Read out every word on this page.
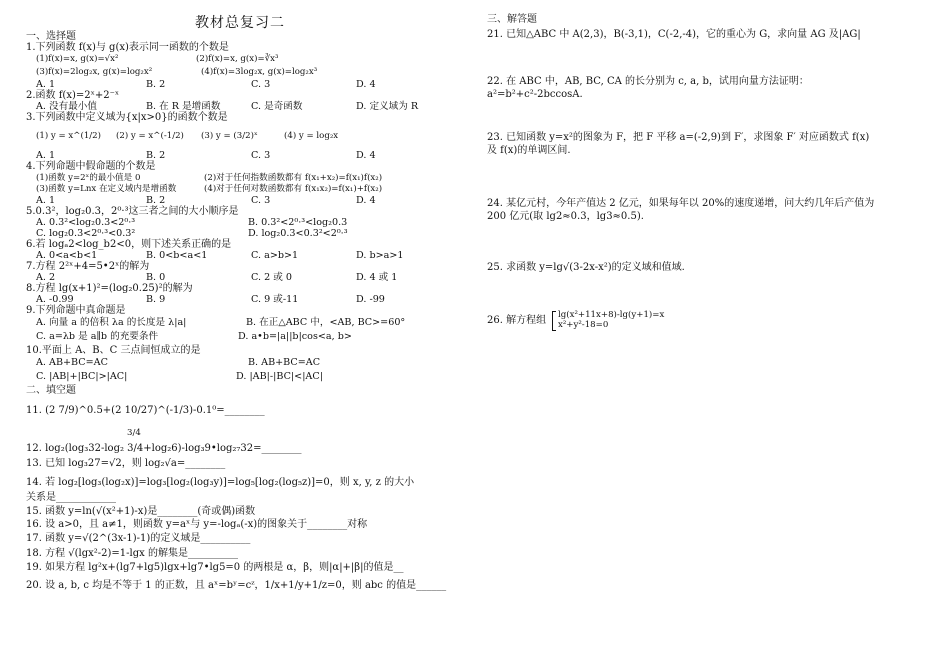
教材总复习二
一、选择题
1.下列函数 f(x)与 g(x)表示同一函数的个数是
(1)f(x)=x, g(x)=√x²	(2)f(x)=x, g(x)=∛x³
(3)f(x)=2log₂x, g(x)=log₂x²	(4)f(x)=3log₂x, g(x)=log₂x³
A. 1	B. 2	C. 3	D. 4
2.函数 f(x)=2ˣ+2⁻ˣ
A. 没有最小值	B. 在 R 是增函数	C. 是奇函数	D. 定义域为 R
3.下列函数中定义域为{x|x>0}的函数个数是
(1) y = x^(1/2) (2) y = x^(-1/2) (3) y = (3/2)ˣ	(4) y = log₂x
A. 1	B. 2	C. 3	D. 4
4.下列命题中假命题的个数是
(1)函数 y=2ˣ的最小值是 0	(2)对于任何指数函数都有 f(x₁+x₂)=f(x₁)f(x₂)
(3)函数 y=Lnx 在定义域内是增函数	(4)对于任何对数函数都有 f(x₁x₂)=f(x₁)+f(x₂)
A. 1	B. 2	C. 3	D. 4
5.0.3²，log₂0.3，2⁰·³这三者之间的大小顺序是
A. 0.3²<log₂0.3<2⁰·³	B. 0.3²<2⁰·³<log₂0.3
C. log₂0.3<2⁰·³<0.3²	D. log₂0.3<0.3²<2⁰·³
6.若 logₐ2<log_b2<0，则下述关系正确的是
A. 0<a<b<1	B. 0<b<a<1	C. a>b>1	D. b>a>1
7.方程 2²ˣ+4=5•2ˣ的解为
A. 2	B. 0	C. 2 或 0	D. 4 或 1
8.方程 lg(x+1)²=(log₂0.25)²的解为
A. -0.99	B. 9	C. 9 或-11	D. -99
9.下列命题中真命题是
A. 向量 a 的倍积 λa 的长度是 λ|a|	B. 在正△ABC 中，<AB, BC>=60°
C. a=λb 是 a∥b 的充要条件	D. a•b=|a||b|cos<a, b>
10.平面上 A、B、C 三点间恒成立的是
A. AB+BC=AC	B. AB+BC=AC
C. |AB|+|BC|>|AC|	D. |AB|-|BC|<|AC|
二、填空题
11. (2 7/9)^0.5+(2 10/27)^(-1/3)-0.1⁰=________
3/4
12. log₂(log₃32-log₂ 3/4+log₂6)-log₃9•log₂₇32=________
13. 已知 log₃27=√2，则 log₂√a=________
14. 若 log₂[log₃(log₂x)]=log₃[log₂(log₃y)]=log₅[log₂(log₅z)]=0，则 x, y, z 的大小
关系是____________
15. 函数 y=ln(√(x²+1)-x)是________(奇或偶)函数
16. 设 a>0，且 a≠1，则函数 y=aˣ与 y=-logₐ(-x)的图象关于________对称
17. 函数 y=√(2^(3x-1)-1)的定义域是__________
18. 方程 √(lgx²-2)=1-lgx 的解集是__________
19. 如果方程 lg²x+(lg7+lg5)lgx+lg7•lg5=0 的两根是 α，β，则|α|+|β|的值是__
20. 设 a, b, c 均是不等于 1 的正数，且 aˣ=bʸ=cᶻ，1/x+1/y+1/z=0，则 abc 的值是______
三、解答题
21. 已知△ABC 中 A(2,3)，B(-3,1)，C(-2,-4)，它的重心为 G，求向量 AG 及|AG|
22. 在 ABC 中，AB, BC, CA 的长分别为 c, a, b，试用向量方法证明：a²=b²+c²-2bccosA.
23. 已知函数 y=x²的图象为 F，把 F 平移 a=(-2,9)到 F′，求图象 F′ 对应函数式 f(x)
及 f(x)的单调区间.
24. 某亿元村，今年产值达 2 亿元，如果每年以 20%的速度递增，问大约几年后产值为
200 亿元(取 lg2≈0.3，lg3≈0.5).
25. 求函数 y=lg√(3-2x-x²)的定义域和值域.
26. 解方程组 lg(x²+11x+8)-lg(y+1)=x
x²+y²-18=0
